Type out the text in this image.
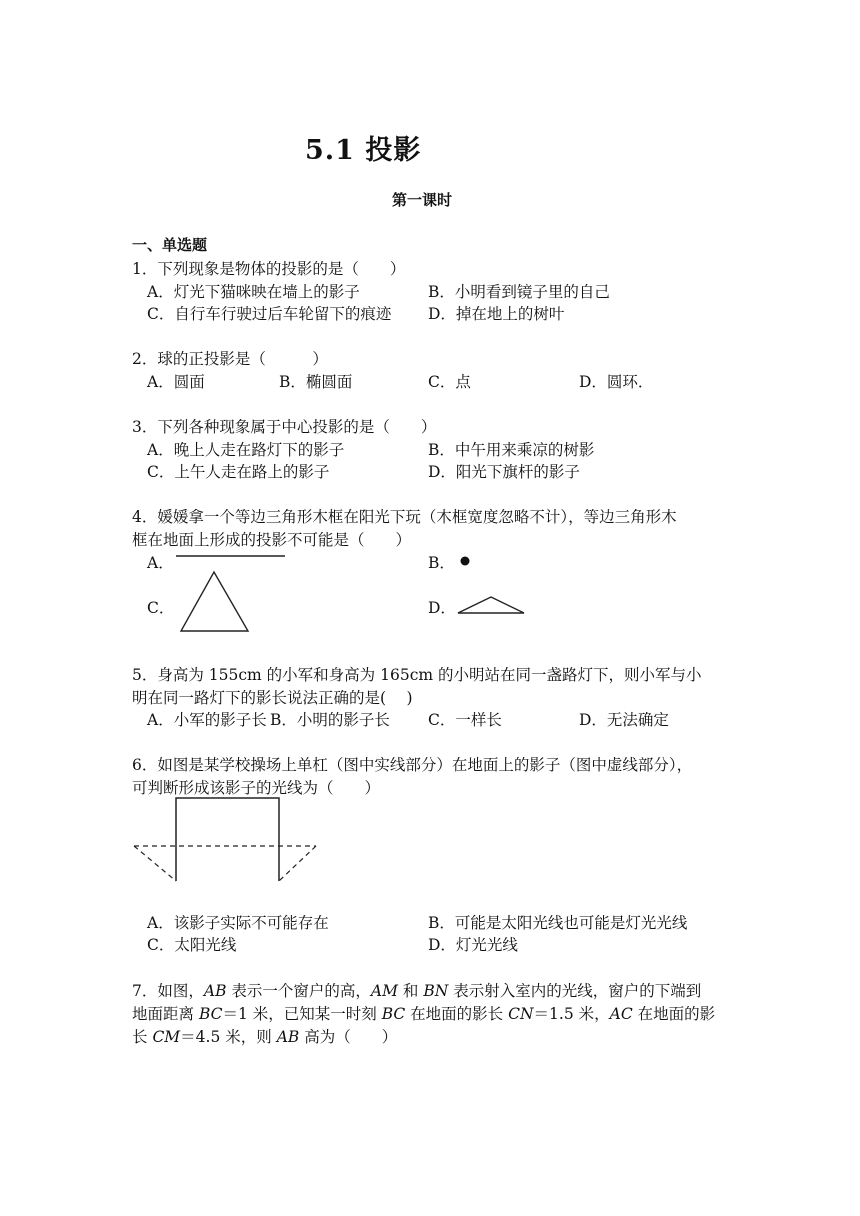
5.1 投影
第一课时
一、单选题
1．下列现象是物体的投影的是（　　）
A．灯光下猫咪映在墙上的影子	B．小明看到镜子里的自己
C．自行车行驶过后车轮留下的痕迹 D．掉在地上的树叶
2．球的正投影是（　　　）
A．圆面	B．椭圆面	C．点	D．圆环．
3．下列各种现象属于中心投影的是（　　）
A．晚上人走在路灯下的影子	B．中午用来乘凉的树影
C．上午人走在路上的影子	D．阳光下旗杆的影子
4．媛媛拿一个等边三角形木框在阳光下玩（木框宽度忽略不计），等边三角形木
框在地面上形成的投影不可能是（　　）
A．	B．
C．	D．
5．身高为 155cm 的小军和身高为 165cm 的小明站在同一盏路灯下，则小军与小
明在同一路灯下的影长说法正确的是(　 )
A．小军的影子长 B．小明的影子长 C．一样长	D．无法确定
6．如图是某学校操场上单杠（图中实线部分）在地面上的影子（图中虚线部分），
可判断形成该影子的光线为（　　）
A．该影子实际不可能存在	B．可能是太阳光线也可能是灯光光线
C．太阳光线	D．灯光光线
7．如图，AB 表示一个窗户的高，AM 和 BN 表示射入室内的光线，窗户的下端到
地面距离 BC＝1 米，已知某一时刻 BC 在地面的影长 CN＝1.5 米，AC 在地面的影
长 CM＝4.5 米，则 AB 高为（　　）
